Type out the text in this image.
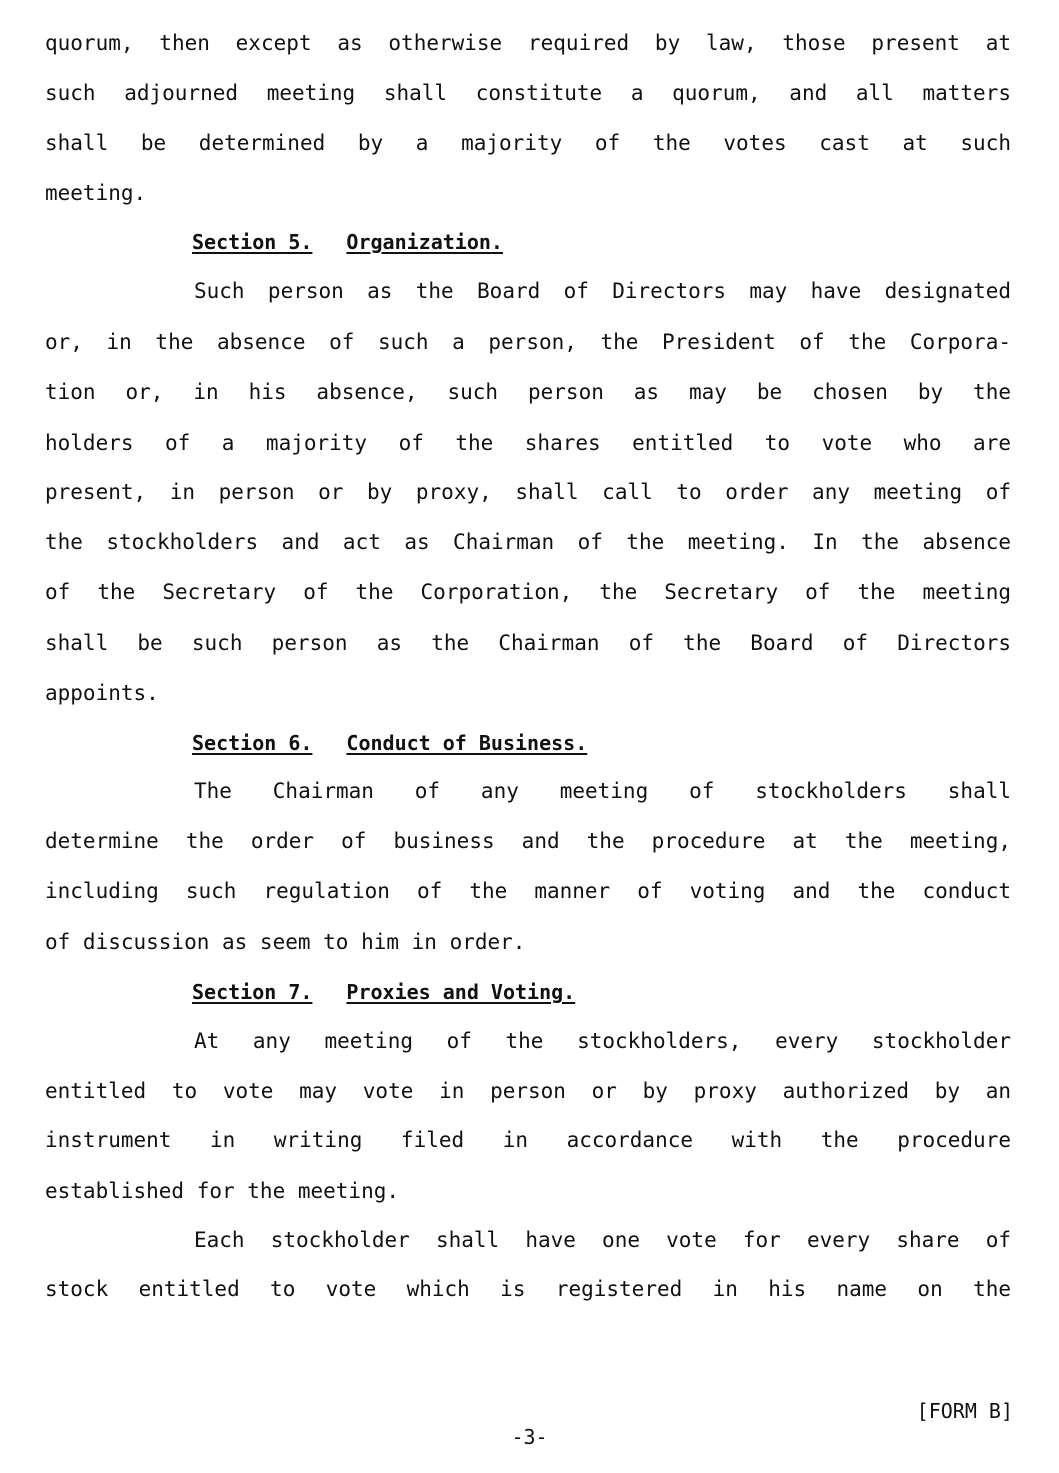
quorum, then except as otherwise required by law, those present at
such adjourned meeting shall constitute a quorum, and all matters
shall be determined by a majority of the votes cast at such
meeting.
Section 5. Organization.
Such person as the Board of Directors may have designated
or, in the absence of such a person, the President of the Corpora-
tion or, in his absence, such person as may be chosen by the
holders of a majority of the shares entitled to vote who are
present, in person or by proxy, shall call to order any meeting of
the stockholders and act as Chairman of the meeting. In the absence
of the Secretary of the Corporation, the Secretary of the meeting
shall be such person as the Chairman of the Board of Directors
appoints.
Section 6. Conduct of Business.
The Chairman of any meeting of stockholders shall
determine the order of business and the procedure at the meeting,
including such regulation of the manner of voting and the conduct
of discussion as seem to him in order.
Section 7. Proxies and Voting.
At any meeting of the stockholders, every stockholder
entitled to vote may vote in person or by proxy authorized by an
instrument in writing filed in accordance with the procedure
established for the meeting.
Each stockholder shall have one vote for every share of
stock entitled to vote which is registered in his name on the
[FORM B]
-3-
